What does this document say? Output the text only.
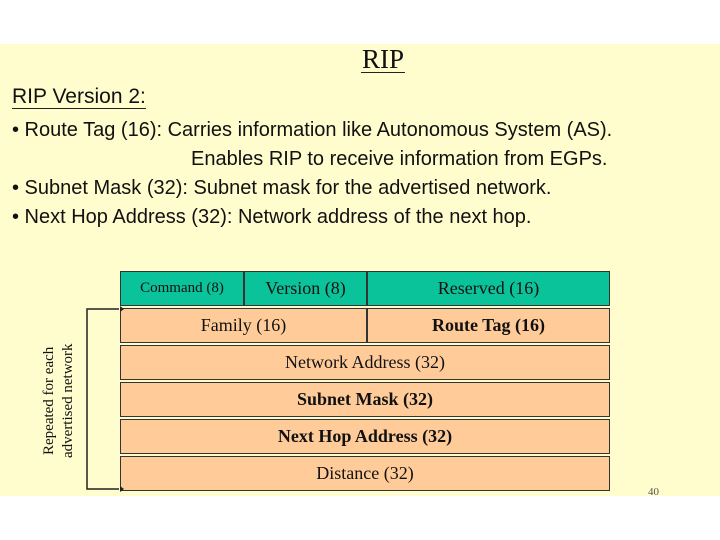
RIP
RIP Version 2:
• Route Tag (16): Carries information like Autonomous System (AS).
Enables RIP to receive information from EGPs.
• Subnet Mask (32): Subnet mask for the advertised network.
• Next Hop Address (32): Network address of the next hop.
Command (8)	Version (8)	Reserved (16)
Family (16)	Route Tag (16)
Network Address (32)
Subnet Mask (32)
Next Hop Address (32)
Distance (32)
Repeated for each advertised network
40
